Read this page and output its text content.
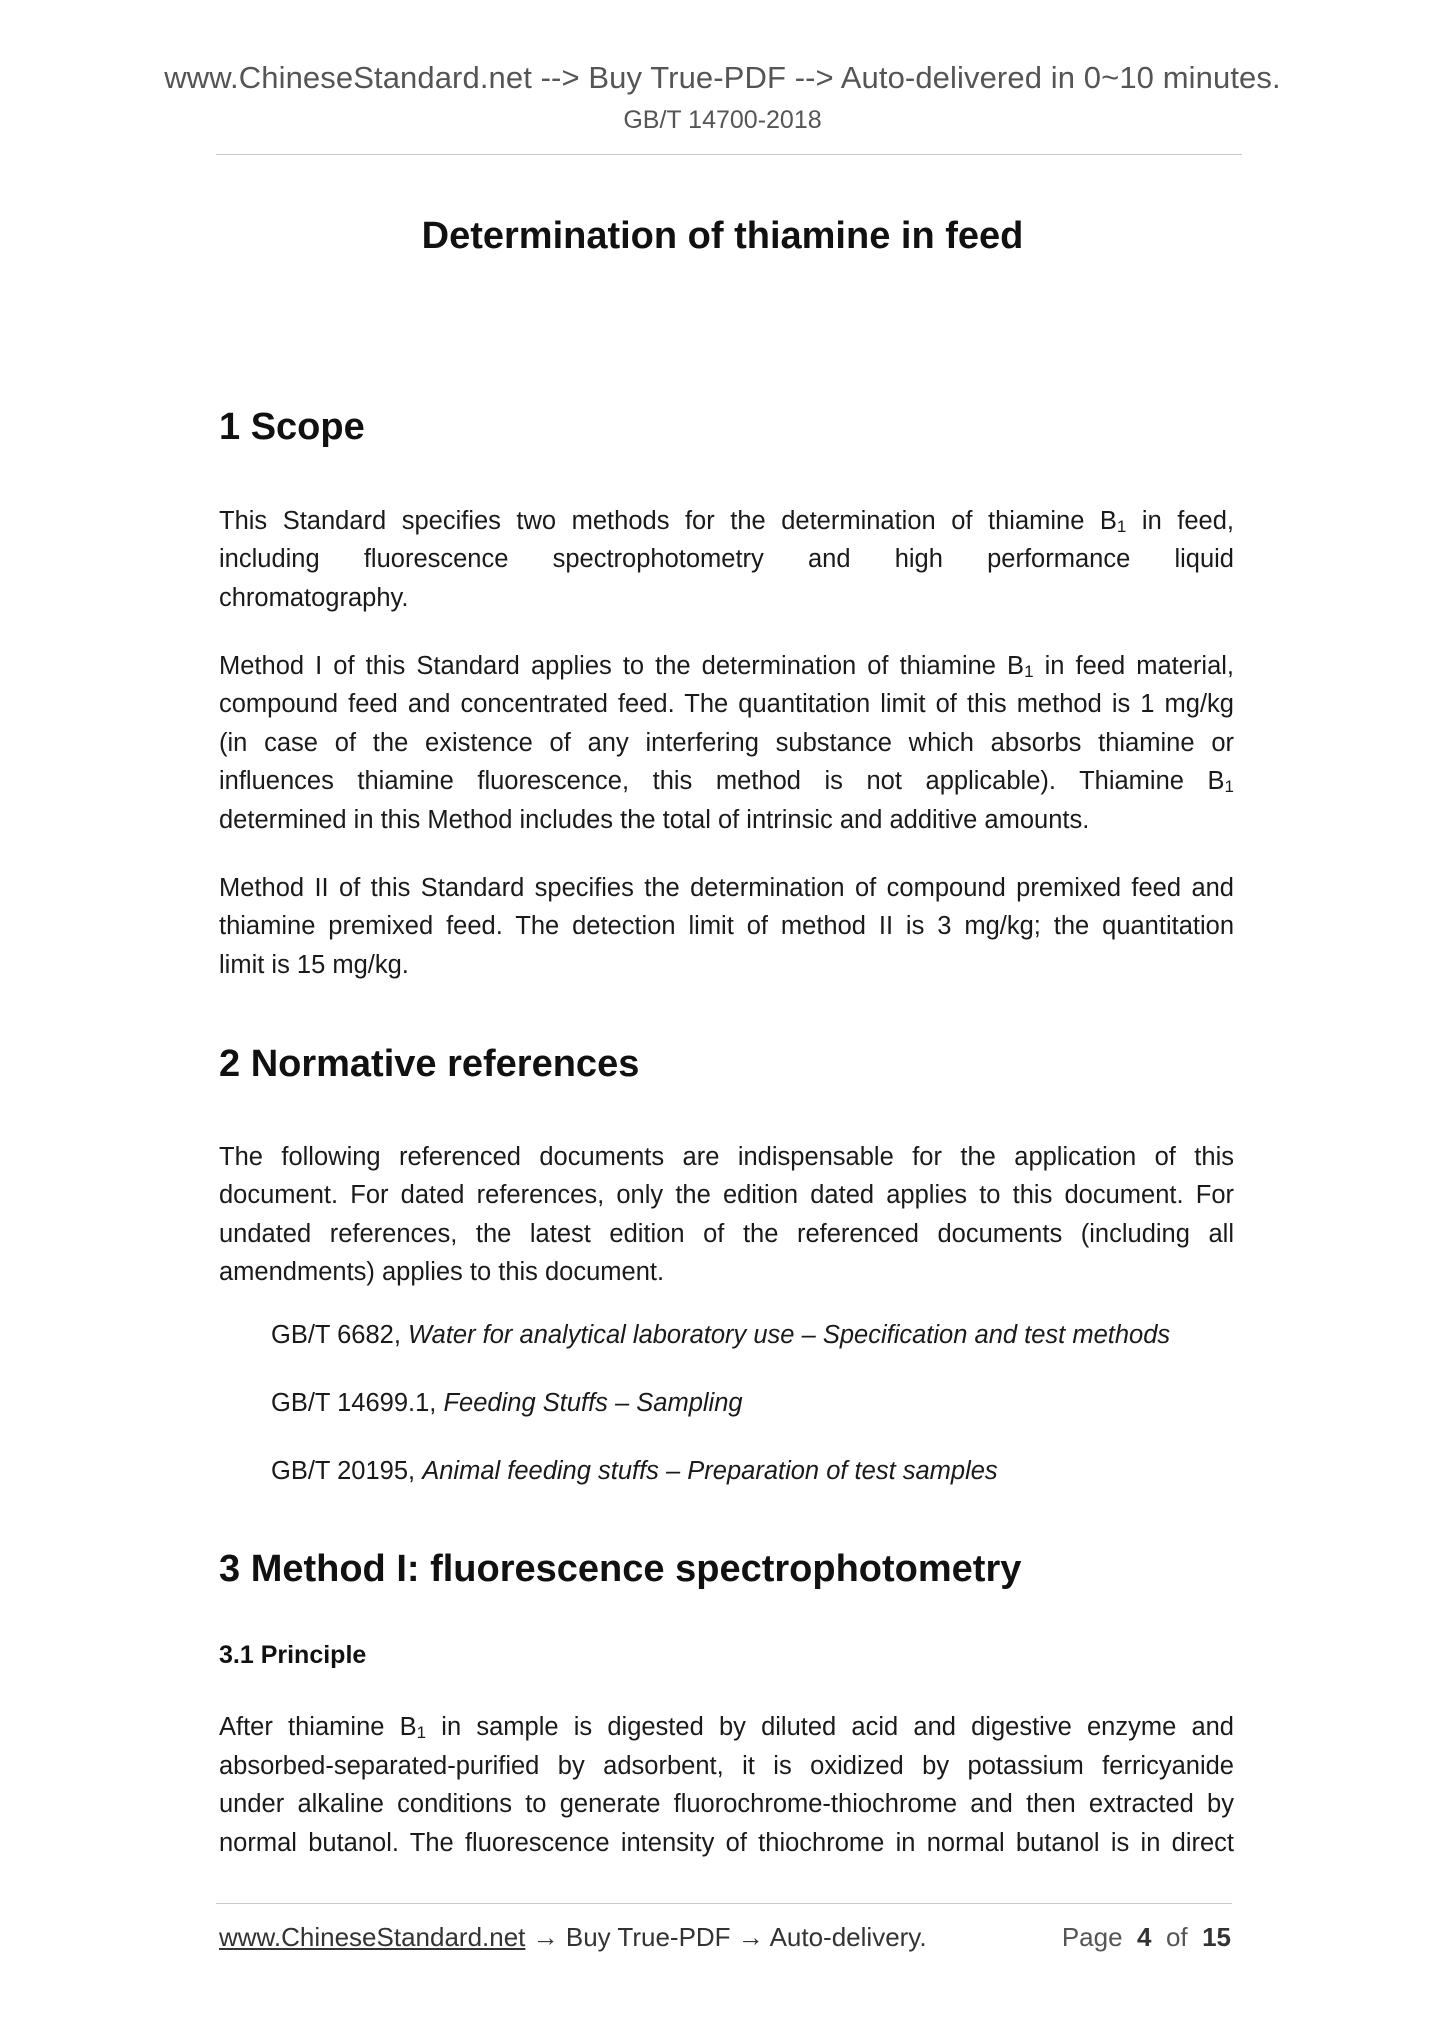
www.ChineseStandard.net --> Buy True-PDF --> Auto-delivered in 0~10 minutes.
GB/T 14700-2018
Determination of thiamine in feed
1 Scope
This Standard specifies two methods for the determination of thiamine $B_1$ in feed,
including fluorescence spectrophotometry and high performance liquid
chromatography.
Method I of this Standard applies to the determination of thiamine $B_1$ in feed material,
compound feed and concentrated feed. The quantitation limit of this method is 1 mg/kg
(in case of the existence of any interfering substance which absorbs thiamine or
influences thiamine fluorescence, this method is not applicable). Thiamine $B_1$
determined in this Method includes the total of intrinsic and additive amounts.
Method II of this Standard specifies the determination of compound premixed feed and
thiamine premixed feed. The detection limit of method II is 3 mg/kg; the quantitation
limit is 15 mg/kg.
2 Normative references
The following referenced documents are indispensable for the application of this
document. For dated references, only the edition dated applies to this document. For
undated references, the latest edition of the referenced documents (including all
amendments) applies to this document.
GB/T 6682, Water for analytical laboratory use – Specification and test methods
GB/T 14699.1, Feeding Stuffs – Sampling
GB/T 20195, Animal feeding stuffs – Preparation of test samples
3 Method I: fluorescence spectrophotometry
3.1 Principle
After thiamine $B_1$ in sample is digested by diluted acid and digestive enzyme and
absorbed-separated-purified by adsorbent, it is oxidized by potassium ferricyanide
under alkaline conditions to generate fluorochrome-thiochrome and then extracted by
normal butanol. The fluorescence intensity of thiochrome in normal butanol is in direct
www.ChineseStandard.net → Buy True-PDF → Auto-delivery.	Page 4 of 15
